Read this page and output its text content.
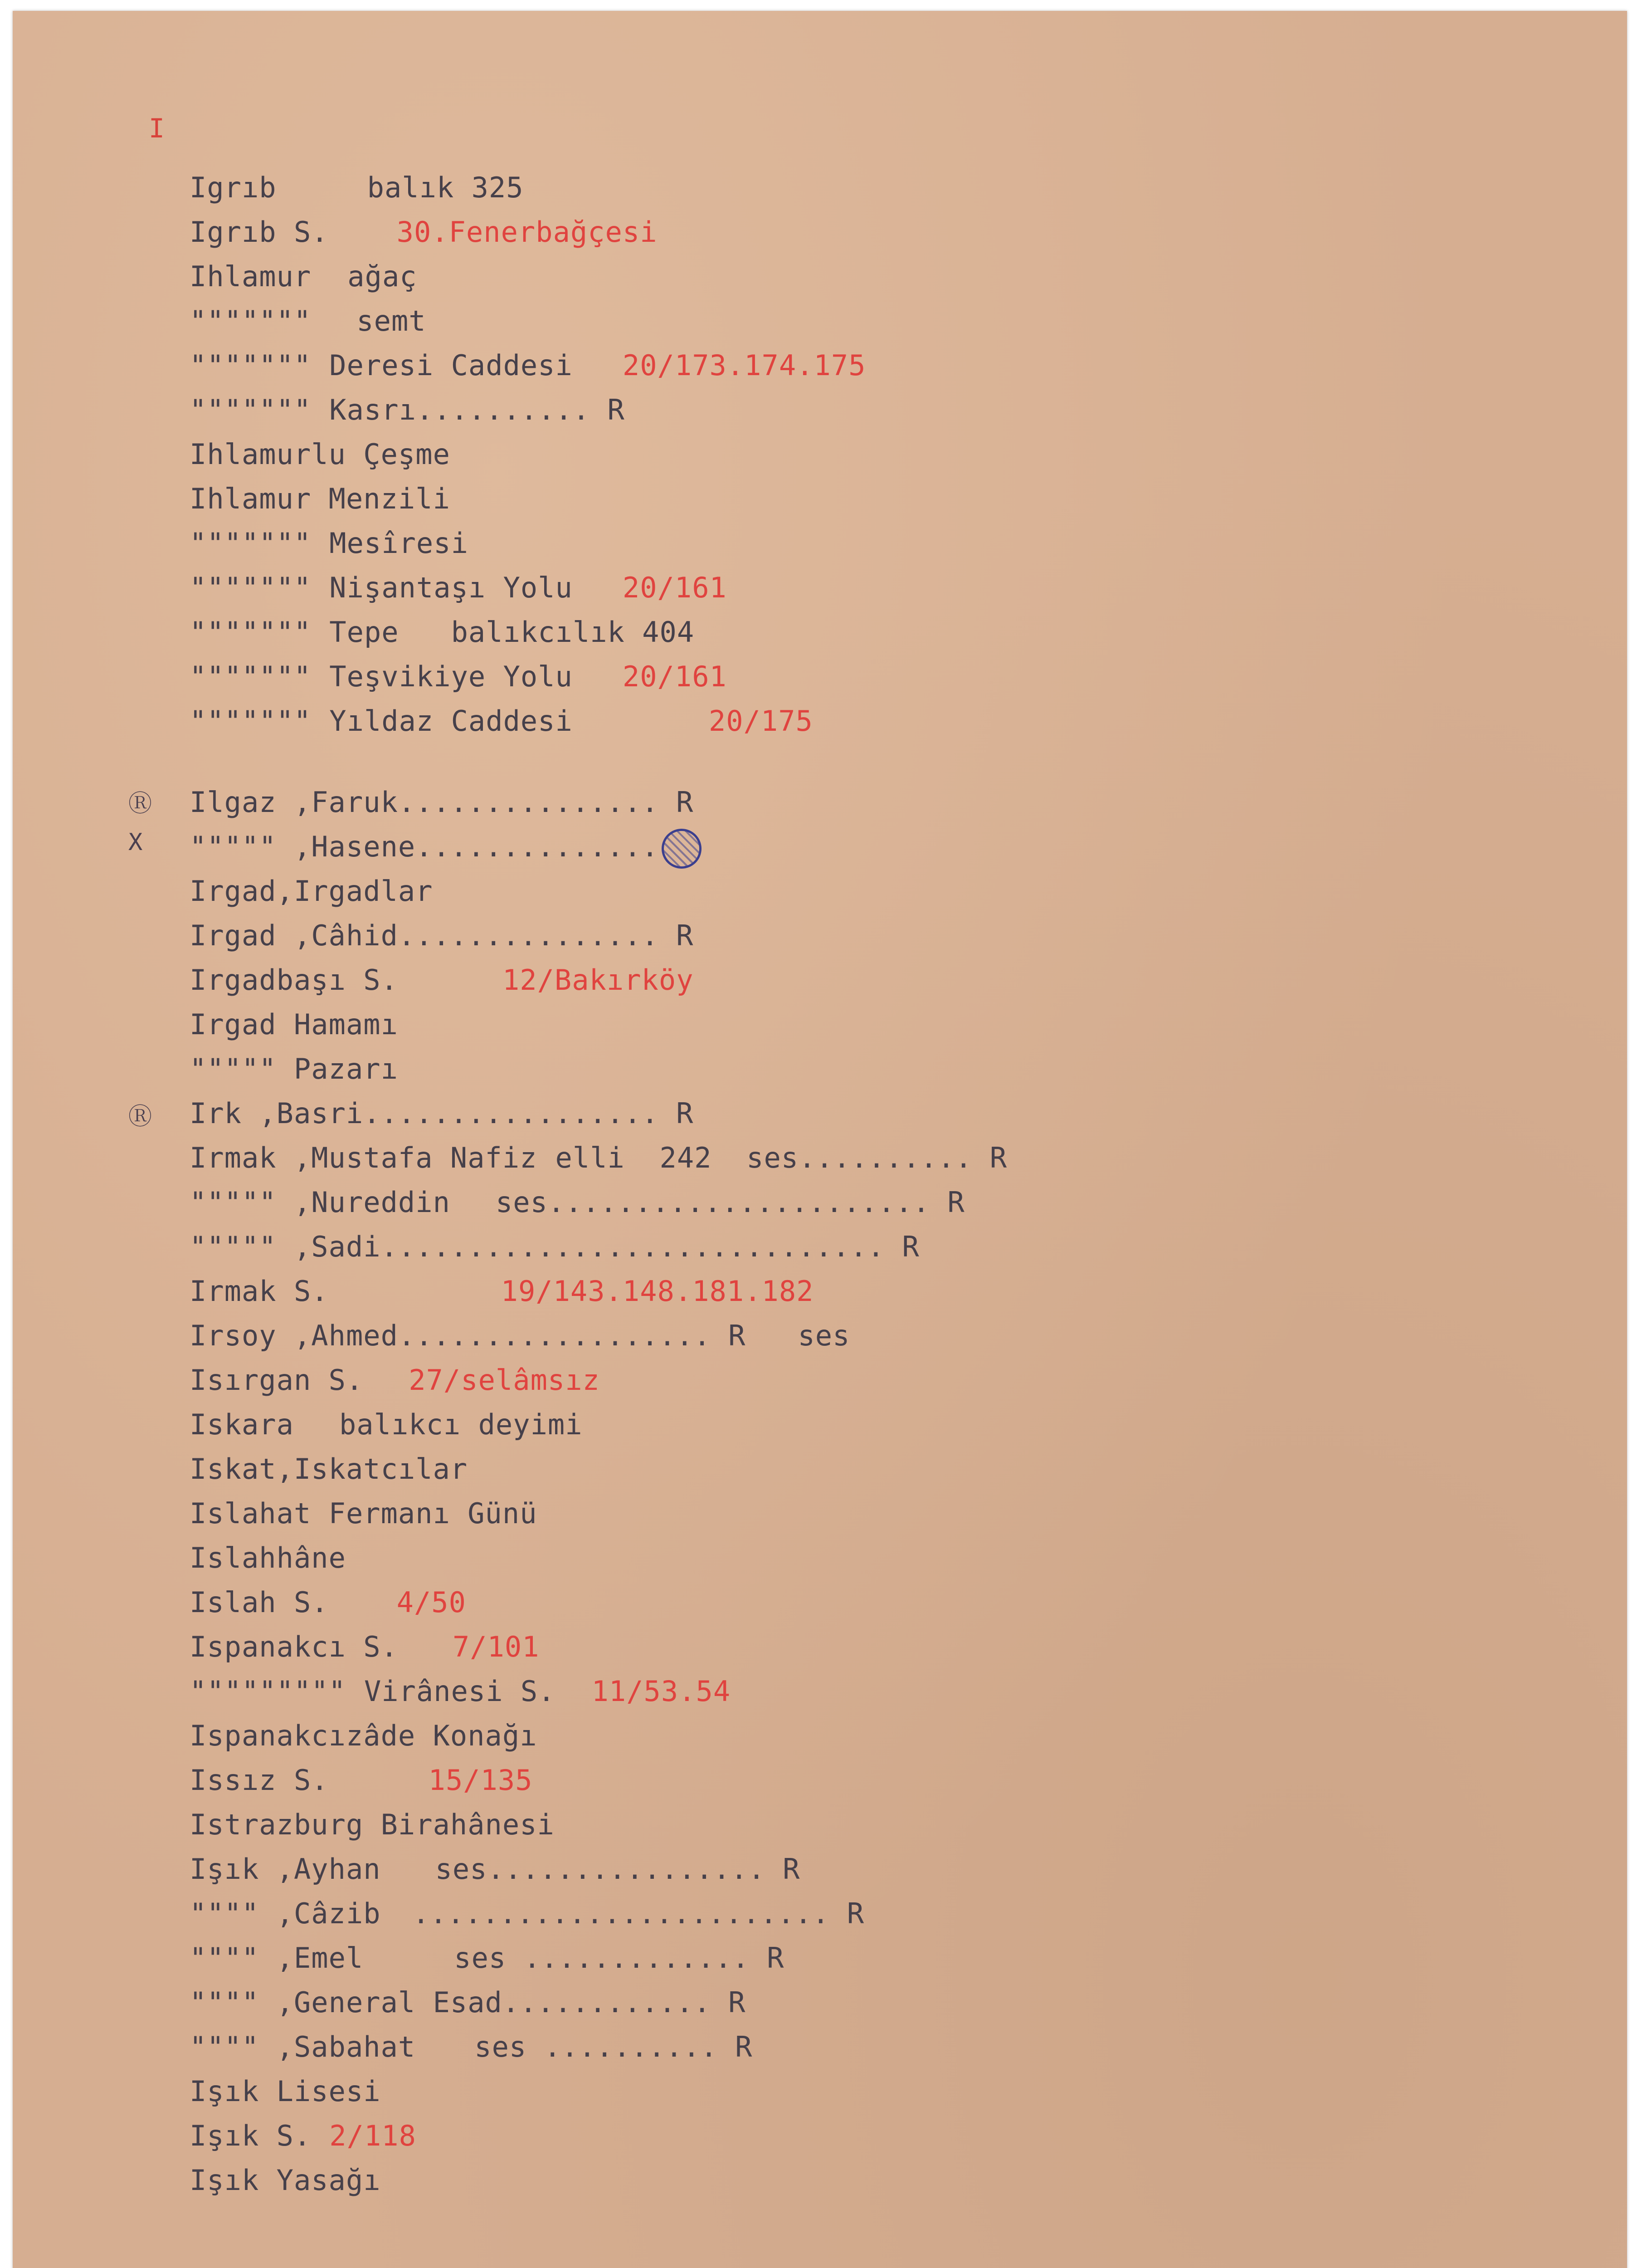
I
Ⓡ
X
Ⓡ
Igrıb	balık 325
Igrıb S. 30.Fenerbağçesi
Ihlamur ağaç
""""""" semt
""""""" Deresi Caddesi 20/173.174.175
""""""" Kasrı.......... R
Ihlamurlu Çeşme
Ihlamur Menzili
""""""" Mesîresi
""""""" Nişantaşı Yolu 20/161
""""""" Tepe   balıkcılık 404
""""""" Teşvikiye Yolu 20/161
""""""" Yıldaz Caddesi	20/175
Ilgaz ,Faruk............... R
""""" ,Hasene..............
Irgad,Irgadlar
Irgad ,Câhid............... R
Irgadbaşı S.	12/Bakırköy
Irgad Hamamı
""""" Pazarı
Irk ,Basri................. R
Irmak ,Mustafa Nafiz elli  242  ses.......... R
""""" ,Nureddin ses...................... R
""""" ,Sadi............................. R
Irmak S.	19/143.148.181.182
Irsoy ,Ahmed.................. R   ses
Isırgan S. 27/selâmsız
Iskara balıkcı deyimi
Iskat,Iskatcılar
Islahat Fermanı Günü
Islahhâne
Islah S. 4/50
Ispanakcı S. 7/101
""""""""" Virânesi S. 11/53.54
Ispanakcızâde Konağı
Issız S.	15/135
Istrazburg Birahânesi
Işık ,Ayhan ses................ R
"""" ,Câzib ........................ R
"""" ,Emel	ses ............. R
"""" ,General Esad............ R
"""" ,Sabahat ses .......... R
Işık Lisesi
Işık S. 2/118
Işık Yasağı
